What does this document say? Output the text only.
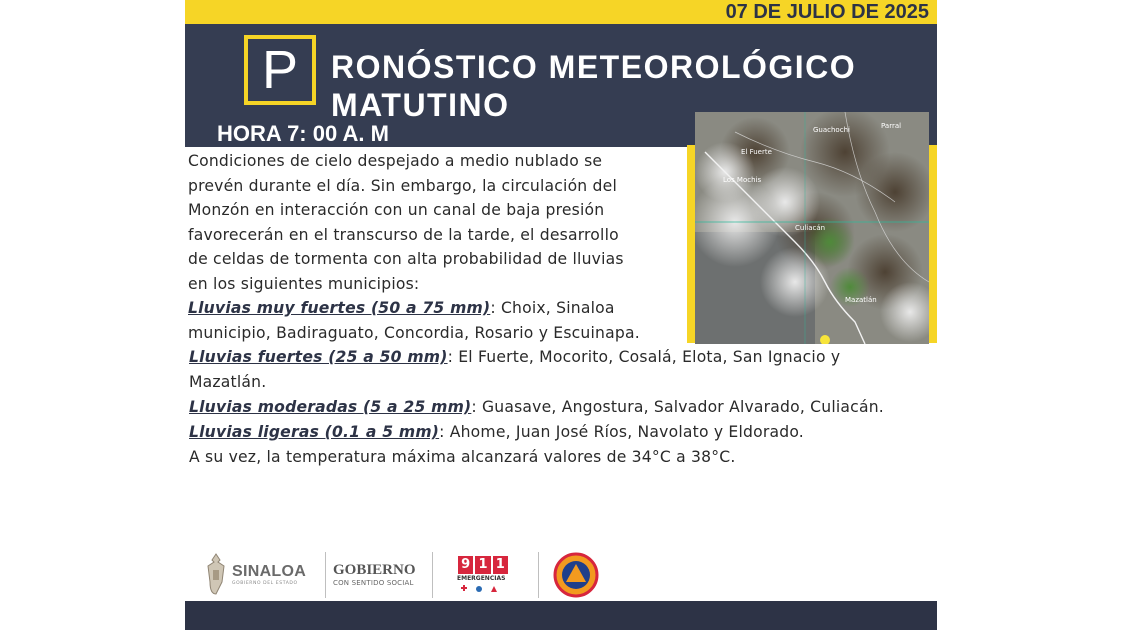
07 DE JULIO DE 2025
P	RONÓSTICO METEOROLÓGICO
MATUTINO
HORA 7: 00 A. M	Guachochi	Parral
El Fuerte
Los Mochis
Culiacán
Mazatlán
Condiciones de cielo despejado a medio nublado se
prevén durante el día. Sin embargo, la circulación del
Monzón en interacción con un canal de baja presión
favorecerán en el transcurso de la tarde, el desarrollo
de celdas de tormenta con alta probabilidad de lluvias
en los siguientes municipios:
Lluvias muy fuertes (50 a 75 mm): Choix, Sinaloa
municipio, Badiraguato, Concordia, Rosario y Escuinapa.
Lluvias fuertes (25 a 50 mm): El Fuerte, Mocorito, Cosalá, Elota, San Ignacio y
Mazatlán.
Lluvias moderadas (5 a 25 mm): Guasave, Angostura, Salvador Alvarado, Culiacán.
Lluvias ligeras (0.1 a 5 mm): Ahome, Juan José Ríos, Navolato y Eldorado.
A su vez, la temperatura máxima alcanzará valores de 34°C a 38°C.
SINALOA
GOBIERNO DEL ESTADO
GOBIERNO
CON SENTIDO SOCIAL
9 1 1
EMERGENCIAS
